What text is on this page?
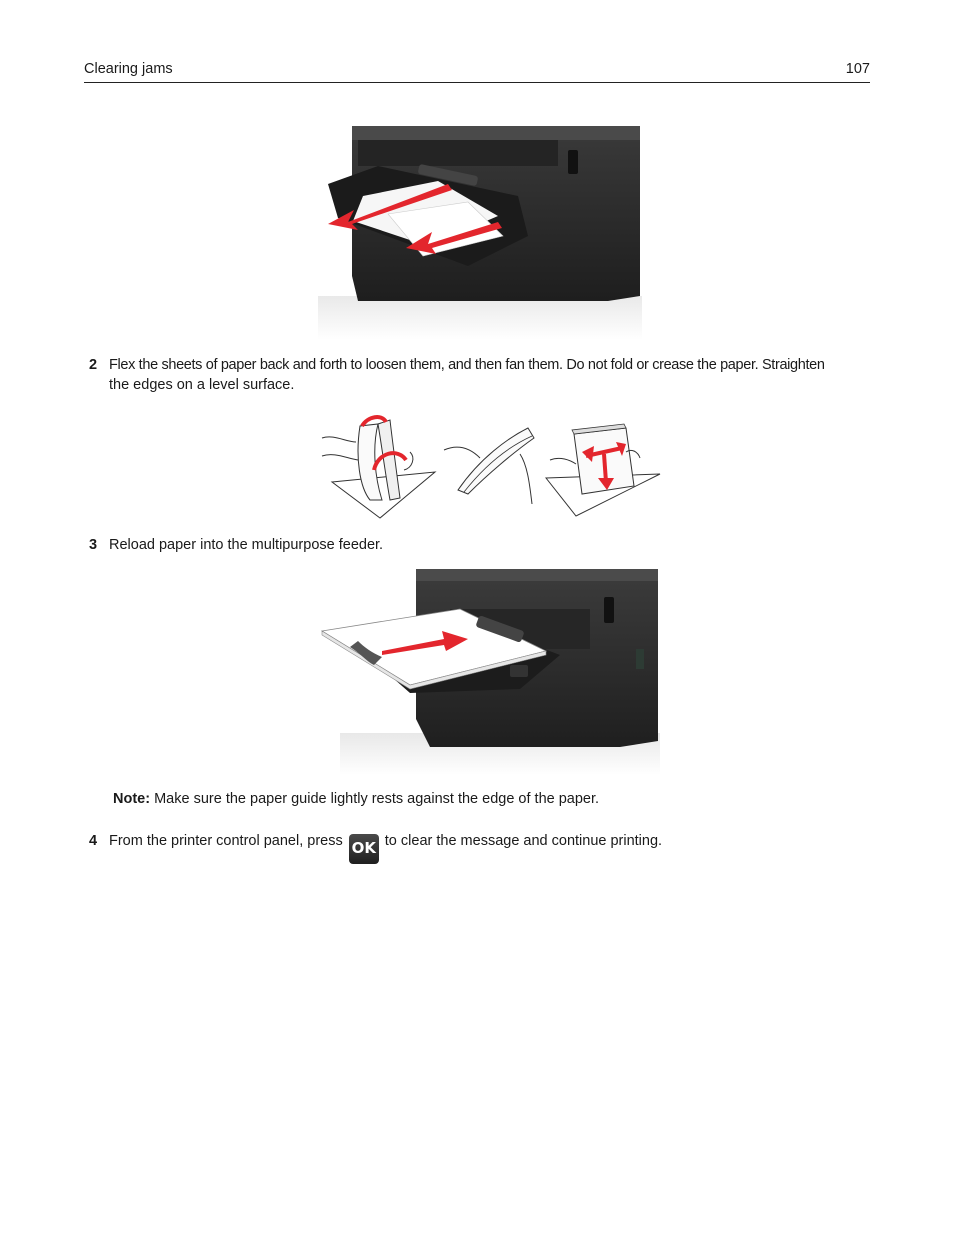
Clearing jams	107
2 Flex the sheets of paper back and forth to loosen them, and then fan them. Do not fold or crease the paper. Straighten
the edges on a level surface.
3 Reload paper into the multipurpose feeder.
Note: Make sure the paper guide lightly rests against the edge of the paper.
4 From the printer control panel, press OK to clear the message and continue printing.
